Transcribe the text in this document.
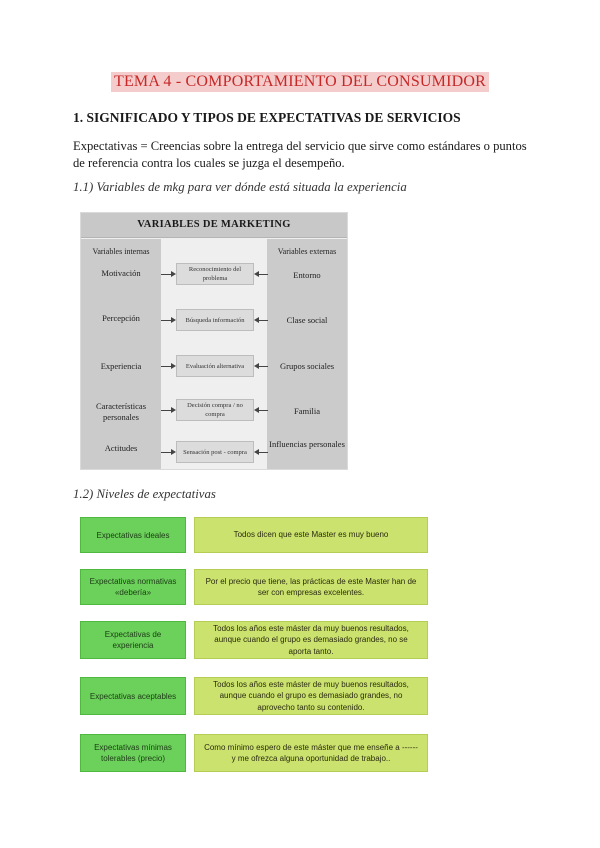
TEMA 4 - COMPORTAMIENTO DEL CONSUMIDOR
1. SIGNIFICADO Y TIPOS DE EXPECTATIVAS DE SERVICIOS
Expectativas = Creencias sobre la entrega del servicio que sirve como estándares o puntos de referencia contra los cuales se juzga el desempeño.
1.1) Variables de mkg para ver dónde está situada la experiencia
VARIABLES DE MARKETING
Variables internas	Variables externas
Motivación
Percepción
Experiencia
Características personales
Actitudes
Reconocimiento del problema
Búsqueda información
Evaluación alternativa
Decisión compra / no compra
Sensación post - compra
Entorno
Clase social
Grupos sociales
Familia
Influencias personales
1.2) Niveles de expectativas
Expectativas ideales	Todos dicen que este Master es muy bueno
Expectativas normativas «debería»
Por el precio que tiene, las prácticas de este Master han de ser con empresas excelentes.
Expectativas de experiencia
Todos los años este máster da muy buenos resultados, aunque cuando el grupo es demasiado grandes, no se aporta tanto.
Expectativas aceptables
Todos los años este máster de muy buenos resultados, aunque cuando el grupo es demasiado grandes, no aprovecho tanto su contenido.
Expectativas mínimas tolerables (precio)
Como mínimo espero de este máster que me enseñe a ------ y me ofrezca alguna oportunidad de trabajo..
